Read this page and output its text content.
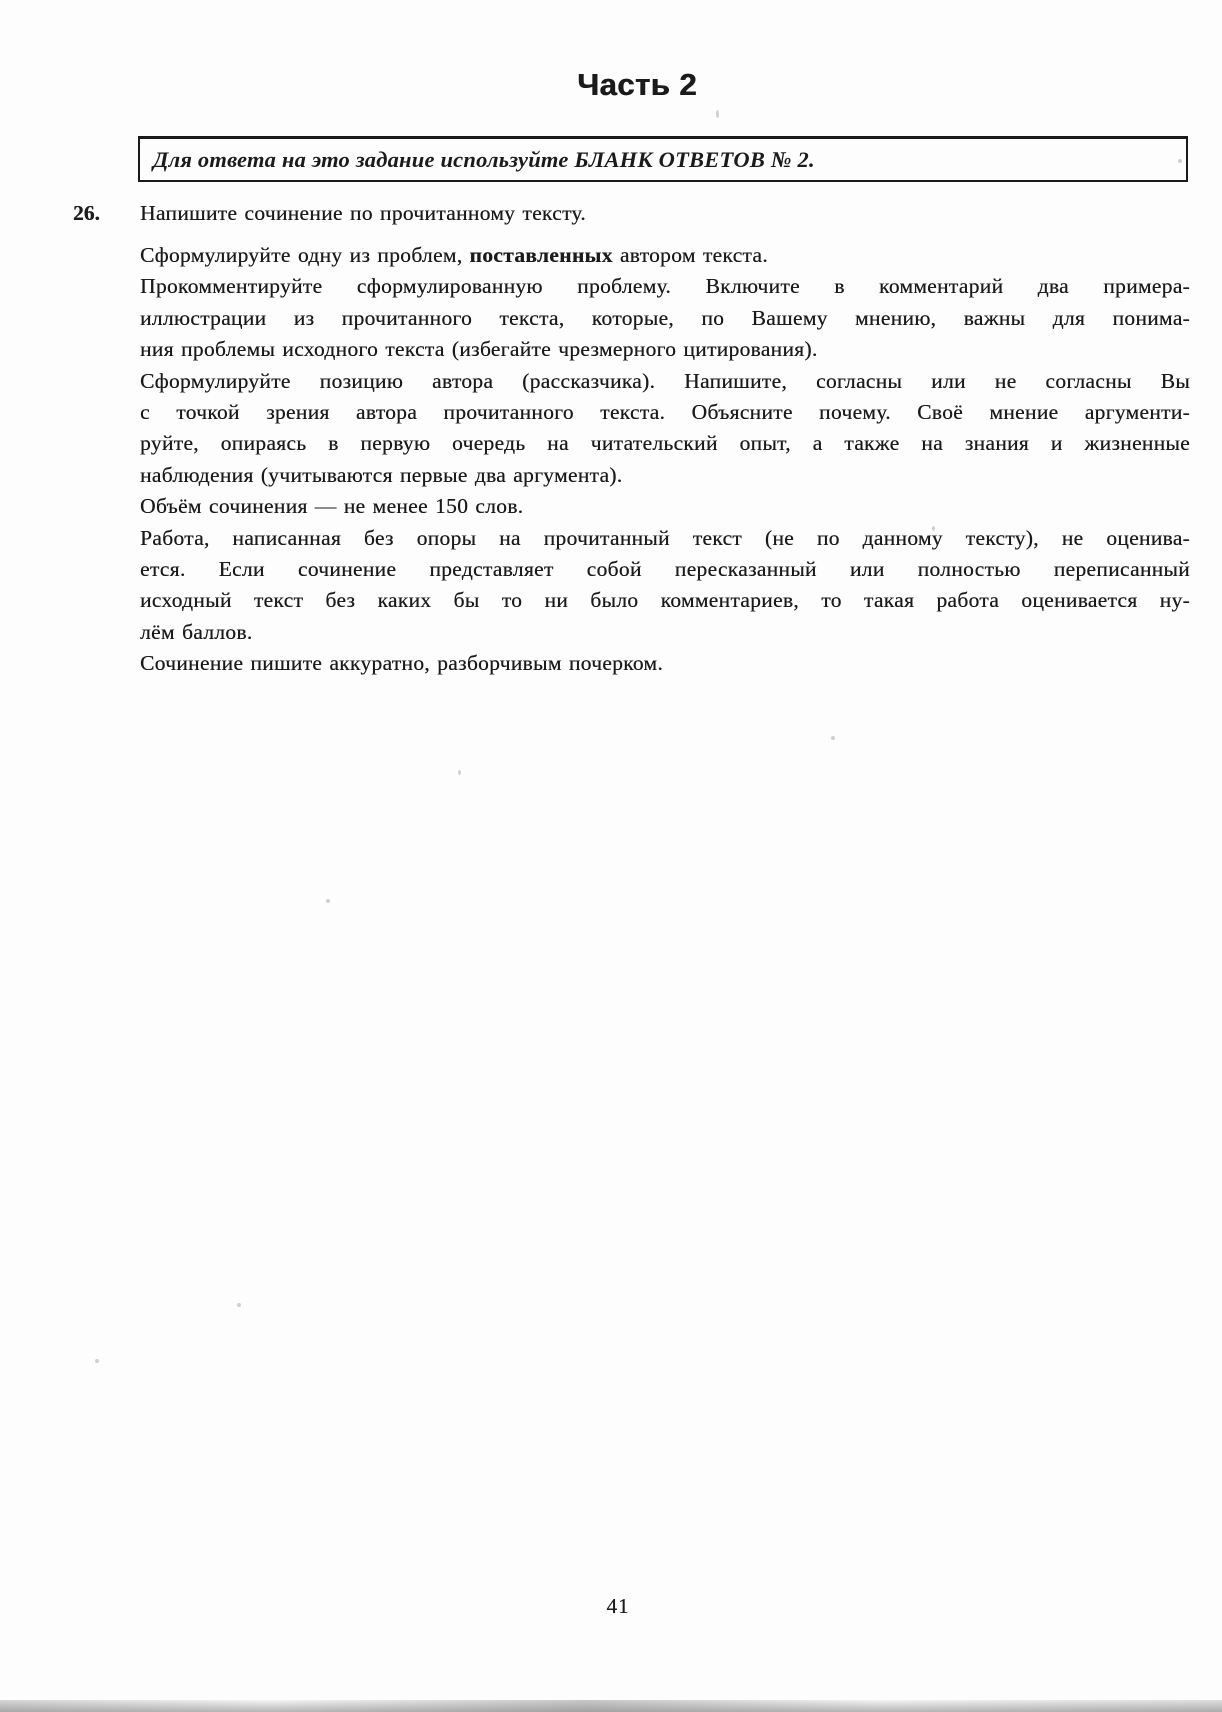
Часть 2
Для ответа на это задание используйте БЛАНК ОТВЕТОВ № 2.
26. Напишите сочинение по прочитанному тексту.
Сформулируйте одну из проблем, поставленных автором текста.
Прокомментируйте сформулированную проблему. Включите в комментарий два примера-
иллюстрации из прочитанного текста, которые, по Вашему мнению, важны для понима-
ния проблемы исходного текста (избегайте чрезмерного цитирования).
Сформулируйте позицию автора (рассказчика). Напишите, согласны или не согласны Вы
с точкой зрения автора прочитанного текста. Объясните почему. Своё мнение аргументи-
руйте, опираясь в первую очередь на читательский опыт, а также на знания и жизненные
наблюдения (учитываются первые два аргумента).
Объём сочинения — не менее 150 слов.
Работа, написанная без опоры на прочитанный текст (не по данному тексту), не оценива-
ется. Если сочинение представляет собой пересказанный или полностью переписанный
исходный текст без каких бы то ни было комментариев, то такая работа оценивается ну-
лём баллов.
Сочинение пишите аккуратно, разборчивым почерком.
41
